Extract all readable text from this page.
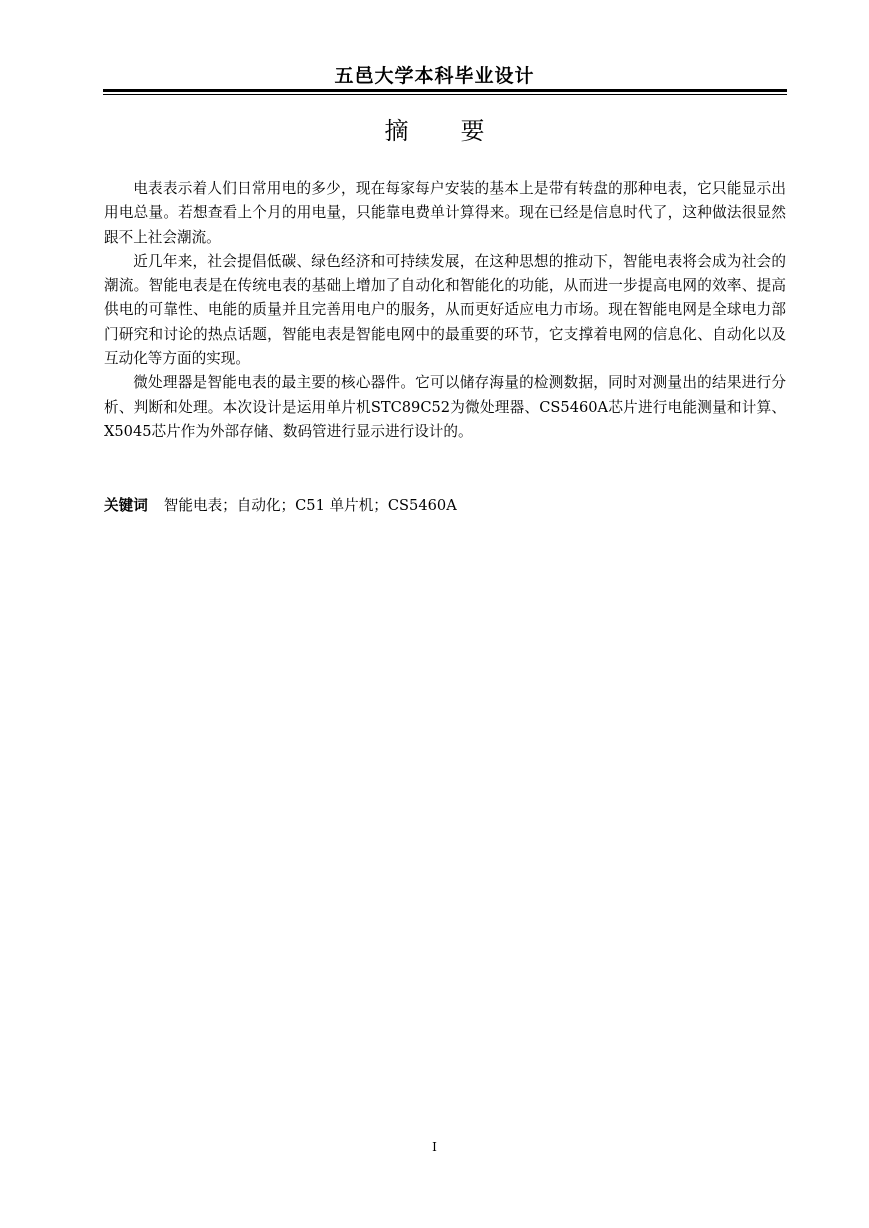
五邑大学本科毕业设计
摘 要

电表表示着人们日常用电的多少，现在每家每户安装的基本上是带有转盘的那种电表，它只能显示出用电总量。若想查看上个月的用电量，只能靠电费单计算得来。现在已经是信息时代了，这种做法很显然跟不上社会潮流。

近几年来，社会提倡低碳、绿色经济和可持续发展，在这种思想的推动下，智能电表将会成为社会的潮流。智能电表是在传统电表的基础上增加了自动化和智能化的功能，从而进一步提高电网的效率、提高供电的可靠性、电能的质量并且完善用电户的服务，从而更好适应电力市场。现在智能电网是全球电力部门研究和讨论的热点话题，智能电表是智能电网中的最重要的环节，它支撑着电网的信息化、自动化以及互动化等方面的实现。

微处理器是智能电表的最主要的核心器件。它可以储存海量的检测数据，同时对测量出的结果进行分析、判断和处理。本次设计是运用单片机STC89C52为微处理器、CS5460A芯片进行电能测量和计算、X5045芯片作为外部存储、数码管进行显示进行设计的。

关键词 智能电表；自动化；C51 单片机；CS5460A
I
